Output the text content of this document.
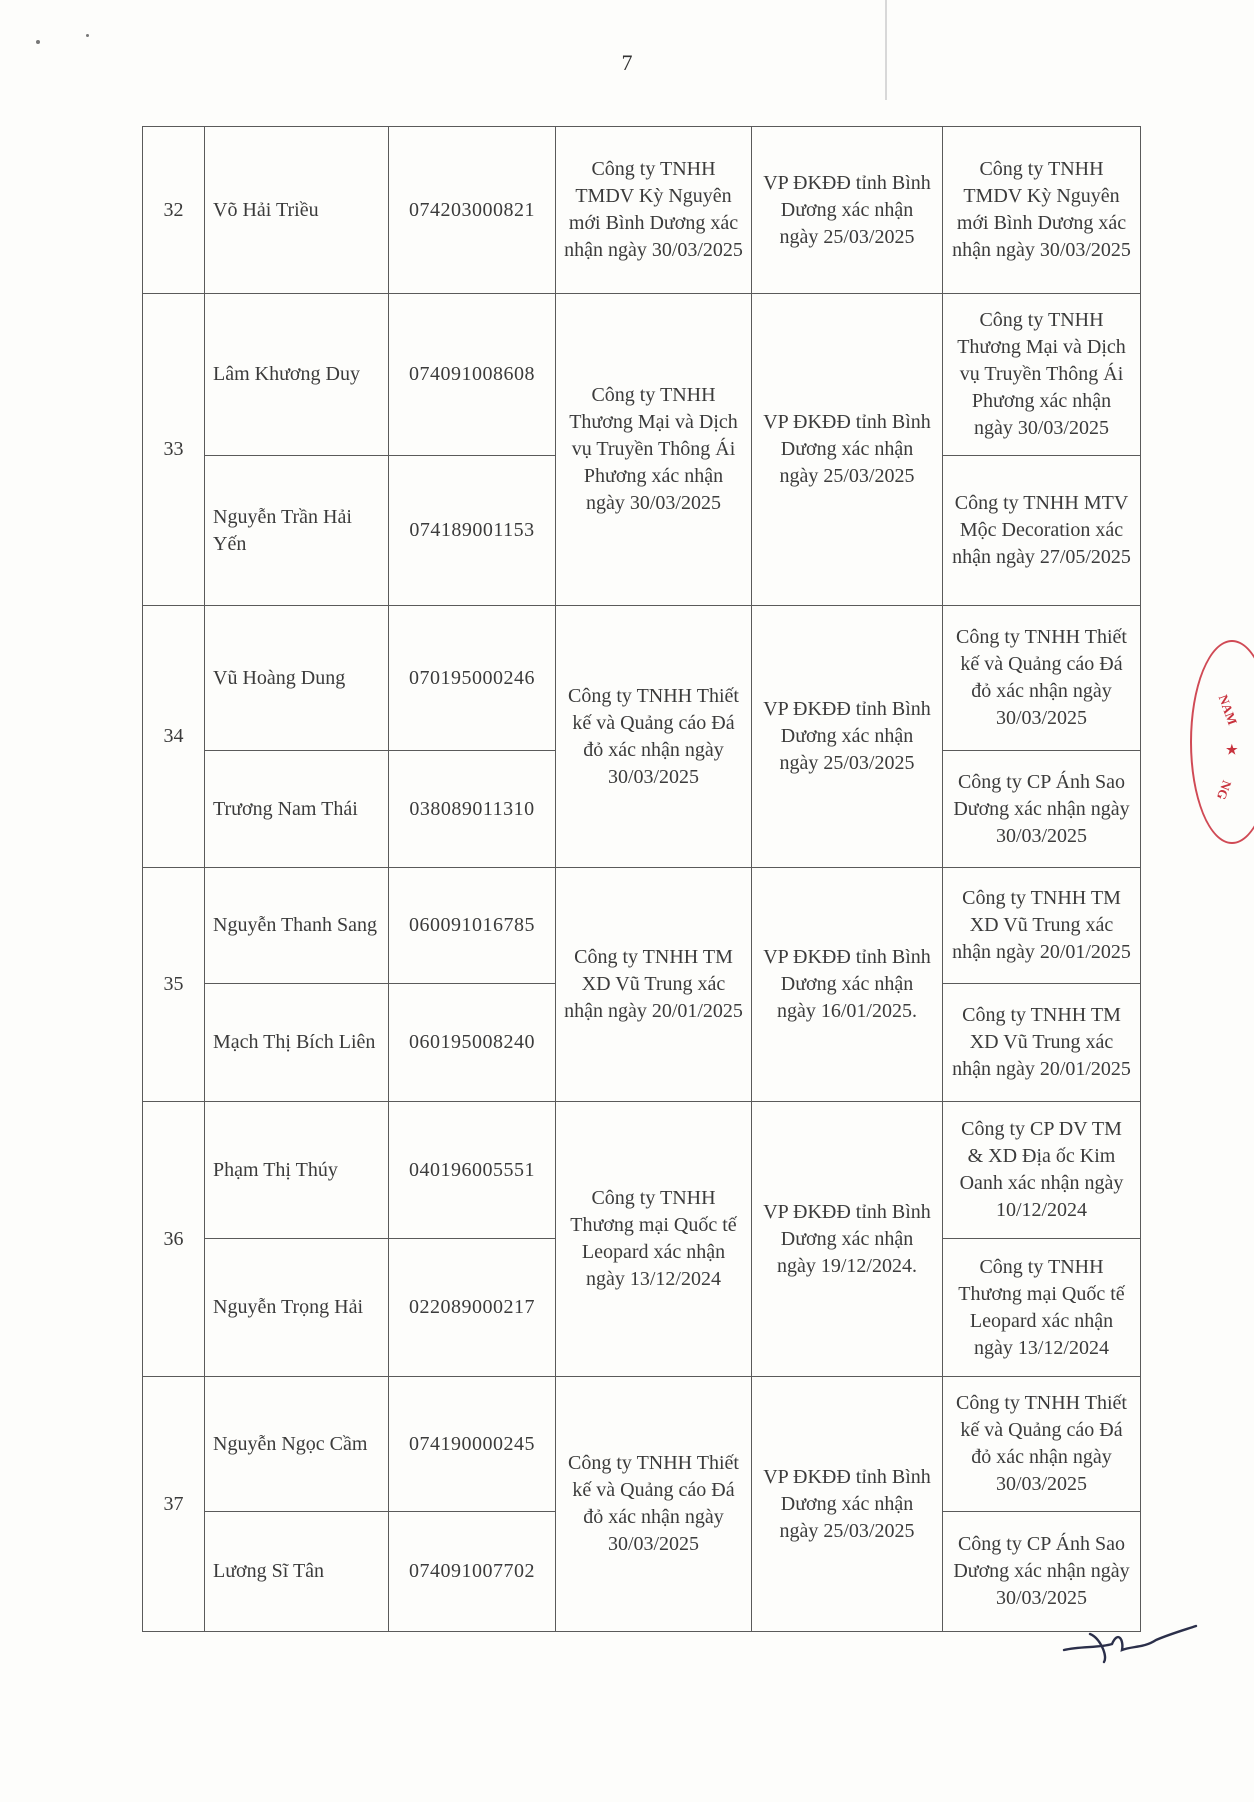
7
32	Võ Hải Triều	074203000821	Công ty TNHH TMDV Kỳ Nguyên mới Bình Dương xác nhận ngày 30/03/2025	VP ĐKĐĐ tỉnh Bình Dương xác nhận ngày 25/03/2025	Công ty TNHH TMDV Kỳ Nguyên mới Bình Dương xác nhận ngày 30/03/2025
33	Lâm Khương Duy	074091008608	Công ty TNHH Thương Mại và Dịch vụ Truyền Thông Ái Phương xác nhận ngày 30/03/2025	VP ĐKĐĐ tỉnh Bình Dương xác nhận ngày 25/03/2025	Công ty TNHH Thương Mại và Dịch vụ Truyền Thông Ái Phương xác nhận ngày 30/03/2025
	Nguyễn Trần Hải Yến	074189001153			Công ty TNHH MTV Mộc Decoration xác nhận ngày 27/05/2025
34	Vũ Hoàng Dung	070195000246	Công ty TNHH Thiết kế và Quảng cáo Đá đỏ xác nhận ngày 30/03/2025	VP ĐKĐĐ tỉnh Bình Dương xác nhận ngày 25/03/2025	Công ty TNHH Thiết kế và Quảng cáo Đá đỏ xác nhận ngày 30/03/2025
	Trương Nam Thái	038089011310			Công ty CP Ánh Sao Dương xác nhận ngày 30/03/2025
35	Nguyễn Thanh Sang	060091016785	Công ty TNHH TM XD Vũ Trung xác nhận ngày 20/01/2025	VP ĐKĐĐ tỉnh Bình Dương xác nhận ngày 16/01/2025.	Công ty TNHH TM XD Vũ Trung xác nhận ngày 20/01/2025
	Mạch Thị Bích Liên	060195008240			Công ty TNHH TM XD Vũ Trung xác nhận ngày 20/01/2025
36	Phạm Thị Thúy	040196005551	Công ty TNHH Thương mại Quốc tế Leopard xác nhận ngày 13/12/2024	VP ĐKĐĐ tỉnh Bình Dương xác nhận ngày 19/12/2024.	Công ty CP DV TM & XD Địa ốc Kim Oanh xác nhận ngày 10/12/2024
	Nguyễn Trọng Hải	022089000217			Công ty TNHH Thương mại Quốc tế Leopard xác nhận ngày 13/12/2024
37	Nguyễn Ngọc Cầm	074190000245	Công ty TNHH Thiết kế và Quảng cáo Đá đỏ xác nhận ngày 30/03/2025	VP ĐKĐĐ tỉnh Bình Dương xác nhận ngày 25/03/2025	Công ty TNHH Thiết kế và Quảng cáo Đá đỏ xác nhận ngày 30/03/2025
	Lương Sĩ Tân	074091007702			Công ty CP Ánh Sao Dương xác nhận ngày 30/03/2025
NAM
★
NG
